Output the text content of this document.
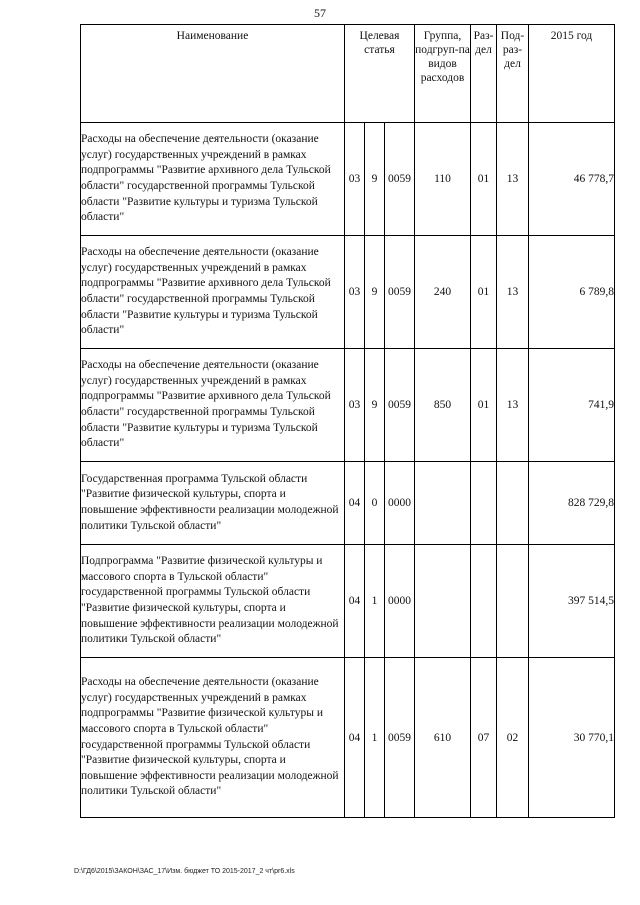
57
Наименование	Целевая статья			Группа, подгруп-па видов расходов	Раз-дел	Под-раз-дел	2015 год
Расходы на обеспечение деятельности (оказание услуг) государственных учреждений в рамках подпрограммы "Развитие архивного дела Тульской области" государственной программы Тульской области "Развитие культуры и туризма Тульской области"	03	9	0059	110	01	13	46 778,7
Расходы на обеспечение деятельности (оказание услуг) государственных учреждений в рамках подпрограммы "Развитие архивного дела Тульской области" государственной программы Тульской области "Развитие культуры и туризма Тульской области"	03	9	0059	240	01	13	6 789,8
Расходы на обеспечение деятельности (оказание услуг) государственных учреждений в рамках подпрограммы "Развитие архивного дела Тульской области" государственной программы Тульской области "Развитие культуры и туризма Тульской области"	03	9	0059	850	01	13	741,9
Государственная программа Тульской области "Развитие физической культуры, спорта и повышение эффективности реализации молодежной политики Тульской области"	04	0	0000				828 729,8
Подпрограмма "Развитие физической культуры и массового спорта в Тульской области" государственной программы Тульской области "Развитие физической культуры, спорта и повышение эффективности реализации молодежной политики Тульской области"	04	1	0000				397 514,5
Расходы на обеспечение деятельности (оказание услуг) государственных учреждений в рамках подпрограммы "Развитие физической культуры и массового спорта в Тульской области" государственной программы Тульской области "Развитие физической культуры, спорта и повышение эффективности реализации молодежной политики Тульской области"	04	1	0059	610	07	02	30 770,1
D:\ГД6\2015\ЗАКОН\ЗАС_17\Изм. бюджет ТО 2015-2017_2 чт\pr6.xls
